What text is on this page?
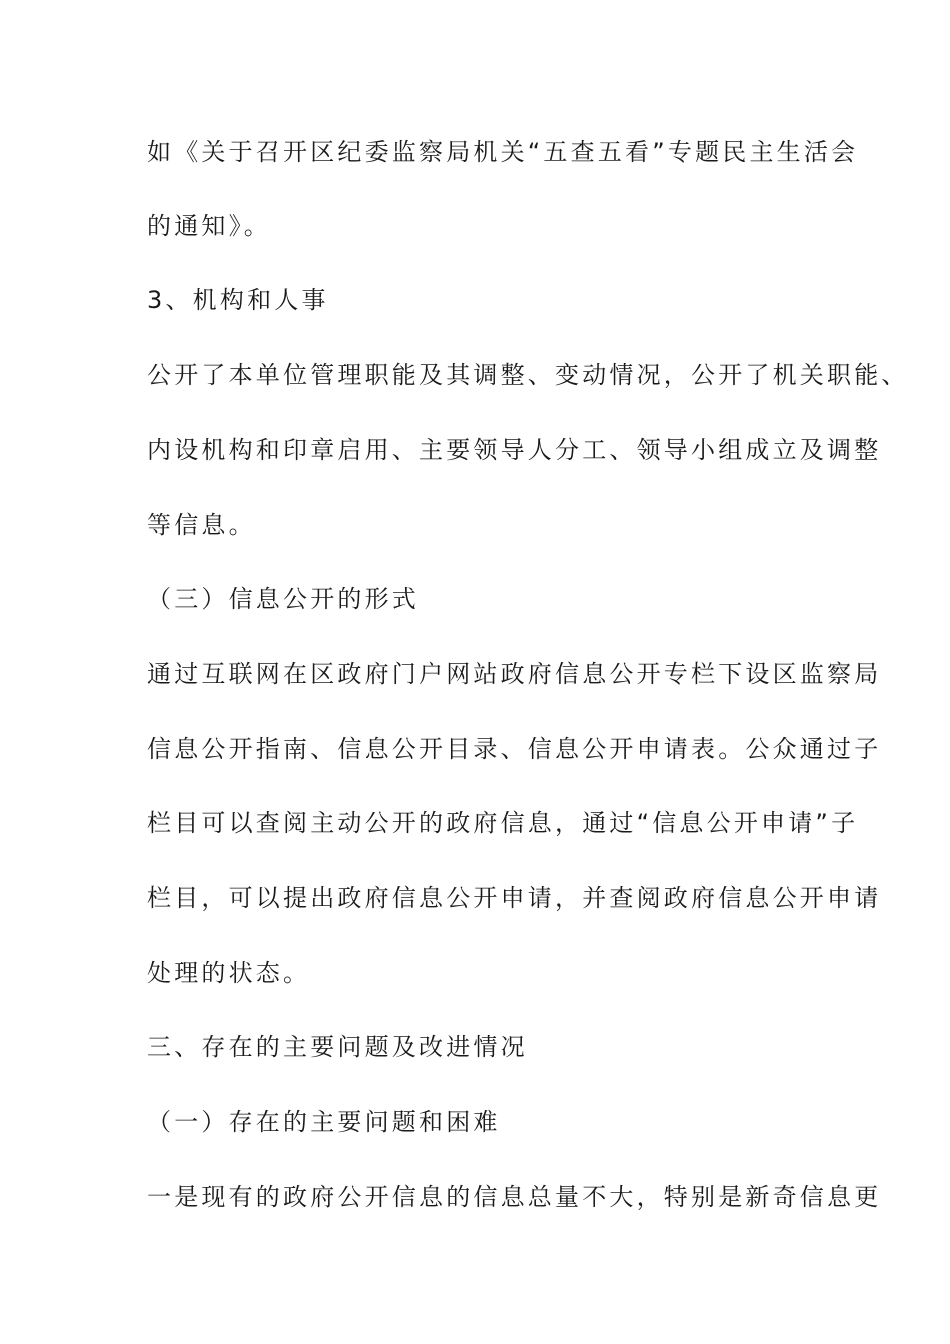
如《关于召开区纪委监察局机关“五查五看”专题民主生活会
的通知》。
3、机构和人事
公开了本单位管理职能及其调整、变动情况，公开了机关职能、
内设机构和印章启用、主要领导人分工、领导小组成立及调整
等信息。
（三）信息公开的形式
通过互联网在区政府门户网站政府信息公开专栏下设区监察局
信息公开指南、信息公开目录、信息公开申请表。公众通过子
栏目可以查阅主动公开的政府信息，通过“信息公开申请”子
栏目，可以提出政府信息公开申请，并查阅政府信息公开申请
处理的状态。
三、存在的主要问题及改进情况
（一）存在的主要问题和困难
一是现有的政府公开信息的信息总量不大，特别是新奇信息更
